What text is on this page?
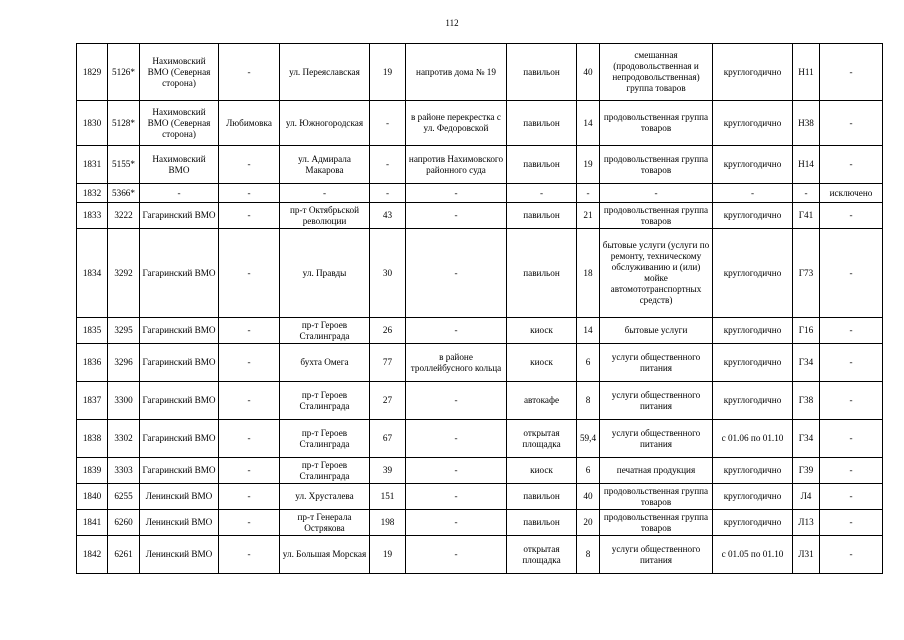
112
1829	5126*	Нахимовский ВМО (Северная сторона)	-	ул. Переяславская	19	напротив дома № 19	павильон	40	смешанная (продовольственная и непродовольственная) группа товаров	круглогодично	Н11	-
1830	5128*	Нахимовский ВМО (Северная сторона)	Любимовка	ул. Южногородская	-	в районе перекрестка с ул. Федоровской	павильон	14	продовольственная группа товаров	круглогодично	Н38	-
1831	5155*	Нахимовский ВМО	-	ул. Адмирала Макарова	-	напротив Нахимовского районного суда	павильон	19	продовольственная группа товаров	круглогодично	Н14	-
1832	5366*	-	-	-	-	-	-	-	-	-	-	исключено
1833	3222	Гагаринский ВМО	-	пр-т Октябрьской революции	43	-	павильон	21	продовольственная группа товаров	круглогодично	Г41	-
1834	3292	Гагаринский ВМО	-	ул. Правды	30	-	павильон	18	бытовые услуги (услуги по ремонту, техническому обслуживанию и (или) мойке автомототранспортных средств)	круглогодично	Г73	-
1835	3295	Гагаринский ВМО	-	пр-т Героев Сталинграда	26	-	киоск	14	бытовые услуги	круглогодично	Г16	-
1836	3296	Гагаринский ВМО	-	бухта Омега	77	в районе троллейбусного кольца	киоск	6	услуги общественного питания	круглогодично	Г34	-
1837	3300	Гагаринский ВМО	-	пр-т Героев Сталинграда	27	-	автокафе	8	услуги общественного питания	круглогодично	Г38	-
1838	3302	Гагаринский ВМО	-	пр-т Героев Сталинграда	67	-	открытая площадка	59,4	услуги общественного питания	с 01.06 по 01.10	Г34	-
1839	3303	Гагаринский ВМО	-	пр-т Героев Сталинграда	39	-	киоск	6	печатная продукция	круглогодично	Г39	-
1840	6255	Ленинский ВМО	-	ул. Хрусталева	151	-	павильон	40	продовольственная группа товаров	круглогодично	Л4	-
1841	6260	Ленинский ВМО	-	пр-т Генерала Острякова	198	-	павильон	20	продовольственная группа товаров	круглогодично	Л13	-
1842	6261	Ленинский ВМО	-	ул. Большая Морская	19	-	открытая площадка	8	услуги общественного питания	с 01.05 по 01.10	Л31	-
